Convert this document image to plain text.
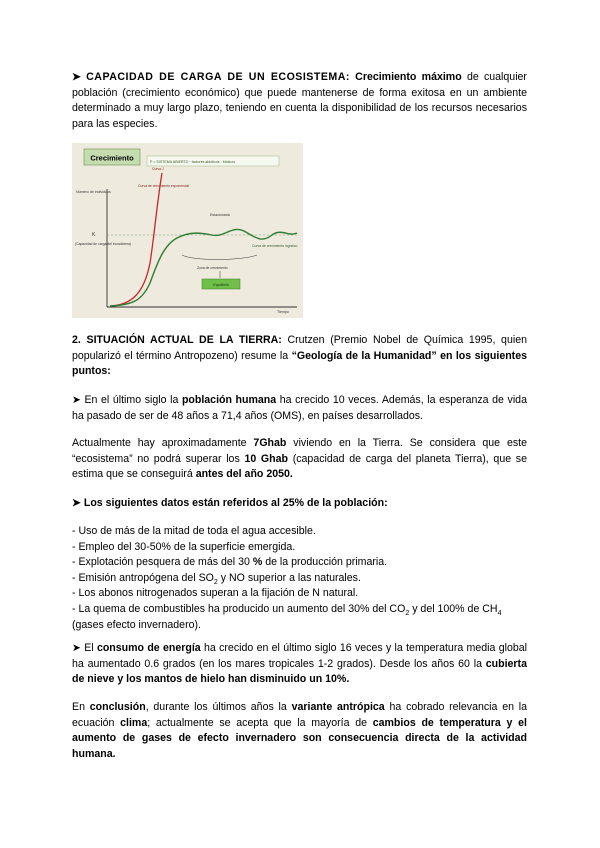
➤ CAPACIDAD DE CARGA DE UN ECOSISTEMA: Crecimiento máximo de cualquier población (crecimiento económico) que puede mantenerse de forma exitosa en un ambiente determinado a muy largo plazo, teniendo en cuenta la disponibilidad de los recursos necesarios para las especies.

Crecimiento	P = SISTEMA ABIERTO · factores abióticos · bióticos
Número de individuos
Tiempo
K
(Capacidad de carga del ecosistema)
Curva J
Curva de crecimiento exponencial
Estacionaria
Curva de crecimiento logístico
Zona de crecimiento
Equilibrio

2. SITUACIÓN ACTUAL DE LA TIERRA: Crutzen (Premio Nobel de Química 1995, quien popularizó el término Antropozeno) resume la “Geología de la Humanidad” en los siguientes puntos:

➤ En el último siglo la población humana ha crecido 10 veces. Además, la esperanza de vida ha pasado de ser de 48 años a 71,4 años (OMS), en países desarrollados.

Actualmente hay aproximadamente 7Ghab viviendo en la Tierra. Se considera que este “ecosistema” no podrá superar los 10 Ghab (capacidad de carga del planeta Tierra), que se estima que se conseguirá antes del año 2050.

➤ Los siguientes datos están referidos al 25% de la población:

- Uso de más de la mitad de toda el agua accesible.

- Empleo del 30-50% de la superficie emergida.

- Explotación pesquera de más del 30 % de la producción primaria.

- Emisión antropógena del $SO_2$ y NO superior a las naturales.

- Los abonos nitrogenados superan a la fijación de N natural.

- La quema de combustibles ha producido un aumento del 30% del $CO_2$ y del 100% de $CH_4$ (gases efecto invernadero).

➤ El consumo de energía ha crecido en el último siglo 16 veces y la temperatura media global ha aumentado 0.6 grados (en los mares tropicales 1-2 grados). Desde los años 60 la cubierta de nieve y los mantos de hielo han disminuido un 10%.

En conclusión, durante los últimos años la variante antrópica ha cobrado relevancia en la ecuación clima; actualmente se acepta que la mayoría de cambios de temperatura y el aumento de gases de efecto invernadero son consecuencia directa de la actividad humana.
